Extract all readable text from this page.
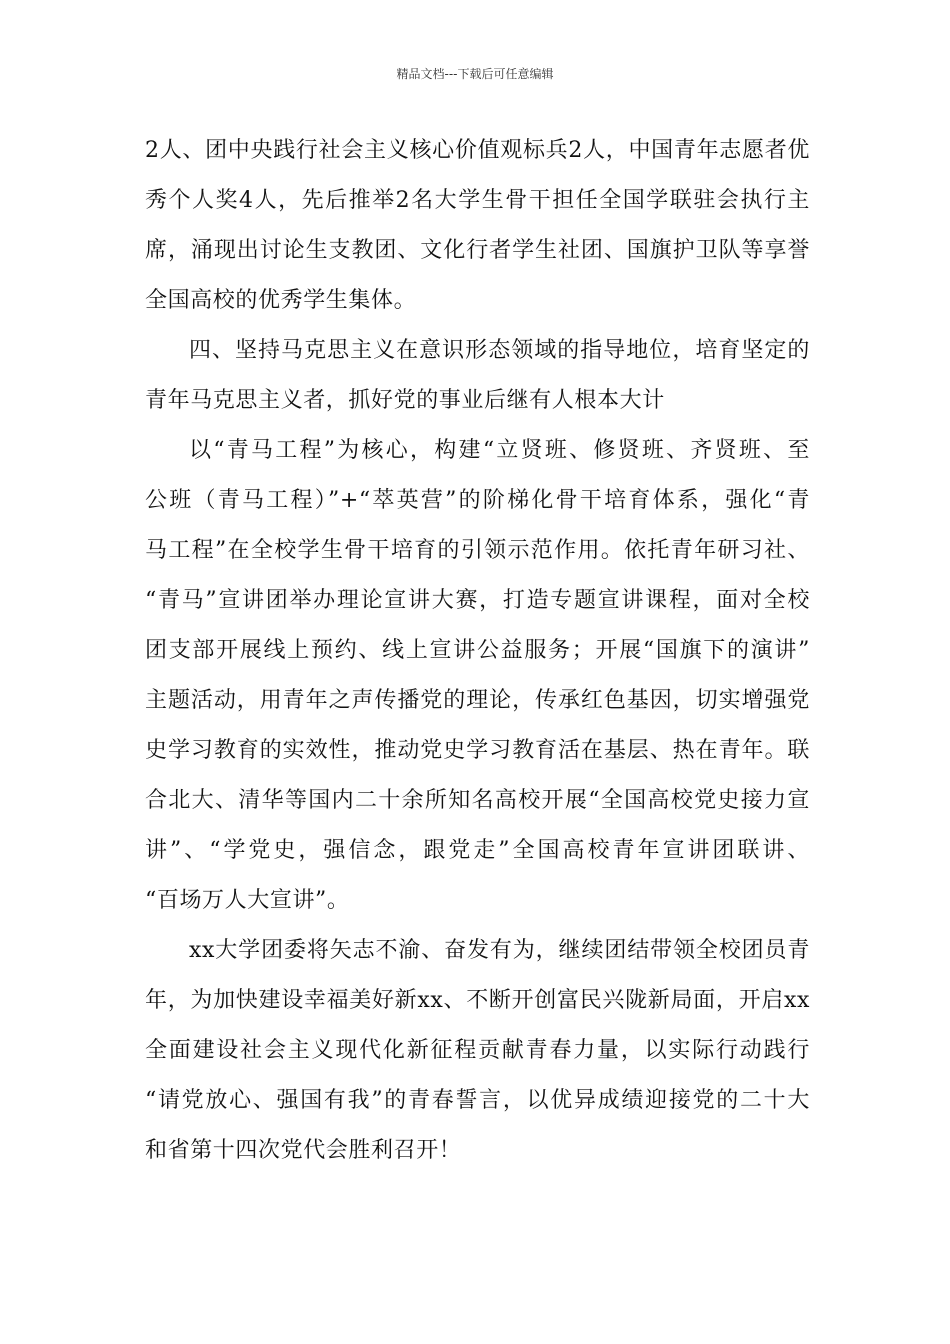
精品文档---下载后可任意编辑
2人、团中央践行社会主义核心价值观标兵2人，中国青年志愿者优
秀个人奖4人，先后推举2名大学生骨干担任全国学联驻会执行主
席，涌现出讨论生支教团、文化行者学生社团、国旗护卫队等享誉
全国高校的优秀学生集体。
四、坚持马克思主义在意识形态领域的指导地位，培育坚定的
青年马克思主义者，抓好党的事业后继有人根本大计
以“青马工程”为核心，构建“立贤班、修贤班、齐贤班、至
公班（青马工程）”+“萃英营”的阶梯化骨干培育体系，强化“青
马工程”在全校学生骨干培育的引领示范作用。依托青年研习社、
“青马”宣讲团举办理论宣讲大赛，打造专题宣讲课程，面对全校
团支部开展线上预约、线上宣讲公益服务；开展“国旗下的演讲”
主题活动，用青年之声传播党的理论，传承红色基因，切实增强党
史学习教育的实效性，推动党史学习教育活在基层、热在青年。联
合北大、清华等国内二十余所知名高校开展“全国高校党史接力宣
讲”、“学党史，强信念，跟党走”全国高校青年宣讲团联讲、
“百场万人大宣讲”。
xx大学团委将矢志不渝、奋发有为，继续团结带领全校团员青
年，为加快建设幸福美好新xx、不断开创富民兴陇新局面，开启xx
全面建设社会主义现代化新征程贡献青春力量，以实际行动践行
“请党放心、强国有我”的青春誓言，以优异成绩迎接党的二十大
和省第十四次党代会胜利召开！
